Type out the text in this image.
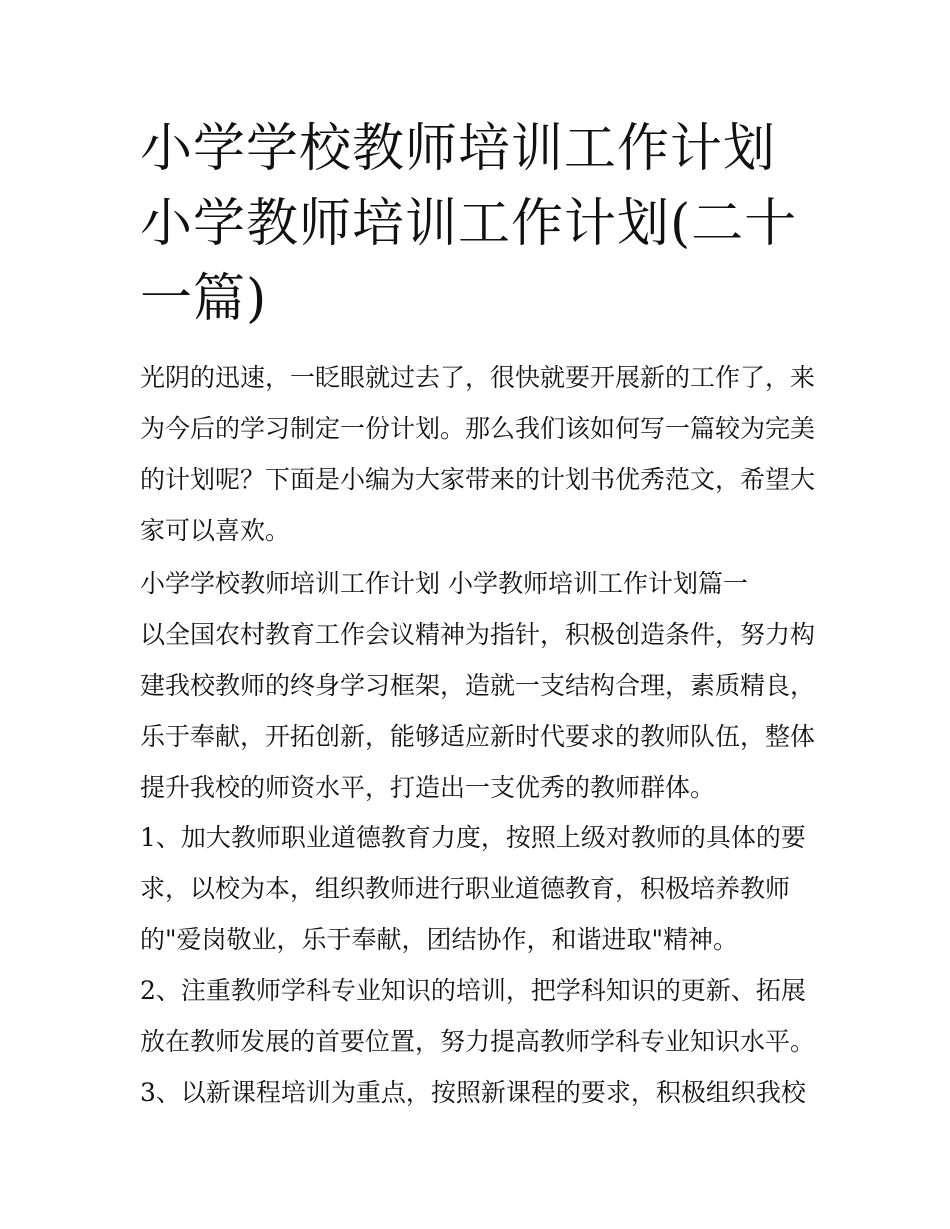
小学学校教师培训工作计划 小学教师培训工作计划(二十一篇)

光阴的迅速，一眨眼就过去了，很快就要开展新的工作了，来为今后的学习制定一份计划。那么我们该如何写一篇较为完美的计划呢？下面是小编为大家带来的计划书优秀范文，希望大家可以喜欢。

小学学校教师培训工作计划 小学教师培训工作计划篇一

以全国农村教育工作会议精神为指针，积极创造条件，努力构建我校教师的终身学习框架，造就一支结构合理，素质精良，乐于奉献，开拓创新，能够适应新时代要求的教师队伍，整体提升我校的师资水平，打造出一支优秀的教师群体。

1、加大教师职业道德教育力度，按照上级对教师的具体的要求，以校为本，组织教师进行职业道德教育，积极培养教师的"爱岗敬业，乐于奉献，团结协作，和谐进取"精神。

2、注重教师学科专业知识的培训，把学科知识的更新、拓展放在教师发展的首要位置，努力提高教师学科专业知识水平。

3、以新课程培训为重点，按照新课程的要求，积极组织我校
